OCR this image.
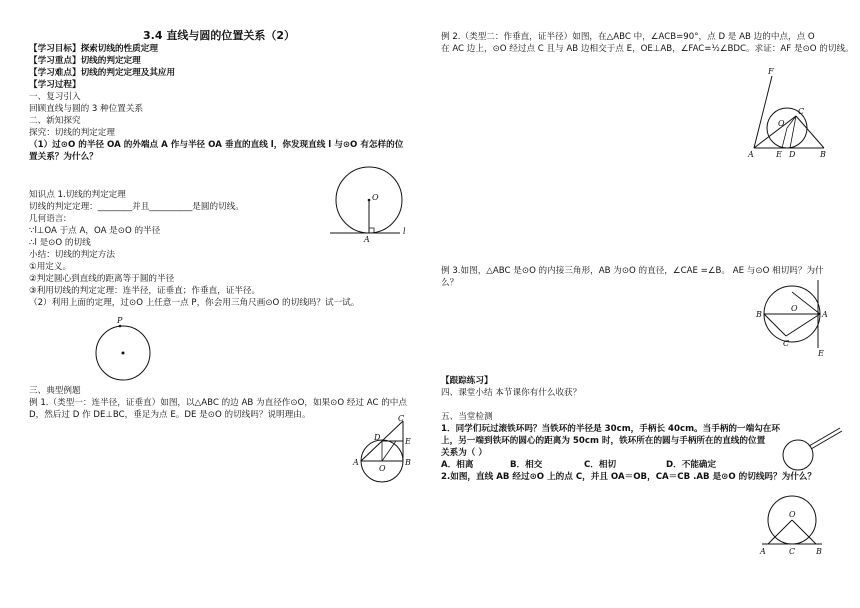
3.4 直线与圆的位置关系（2）
【学习目标】探索切线的性质定理
【学习重点】切线的判定定理
【学习难点】切线的判定定理及其应用
【学习过程】
一、复习引入
回顾直线与圆的 3 种位置关系
二、新知探究
探究：切线的判定定理
（1）过⊙O 的半径 OA 的外端点 A 作与半径 OA 垂直的直线 l，你发现直线 l 与⊙O 有怎样的位
置关系？为什么？
知识点 1.切线的判定定理
切线的判定定理：________并且__________是圆的切线。
几何语言:
∵l⊥OA 于点 A，OA 是⊙O 的半径
∴l 是⊙O 的切线
小结：切线的判定方法
①用定义。
②判定圆心到直线的距离等于圆的半径
③利用切线的判定定理：连半径，证垂直；作垂直，证半径。
（2）利用上面的定理，过⊙O 上任意一点 P，你会用三角尺画⊙O 的切线吗？试一试。
三、典型例题
例 1.（类型一：连半径，证垂直）如图，以△ABC 的边 AB 为直径作⊙O，如果⊙O 经过 AC 的中点
D，然后过 D 作 DE⊥BC，垂足为点 E。DE 是⊙O 的切线吗？说明理由。
O
A
l
P
C
E
D
A
O
B
例 2.（类型二：作垂直，证半径）如图，在△ABC 中，∠ACB=90°，点 D 是 AB 边的中点，点 O
在 AC 边上，⊙O 经过点 C 且与 AB 边相交于点 E，OE⊥AB，∠FAC=½∠BDC。求证：AF 是⊙O 的切线。
F
C
O
A	E D	B
例 3.如图，△ABC 是⊙O 的内接三角形，AB 为⊙O 的直径，∠CAE =∠B。 AE 与⊙O 相切吗？为什
么？
B	A
O
C
E
【跟踪练习】
四、课堂小结 本节课你有什么收获？
五、当堂检测
1．同学们玩过滚铁环吗？当铁环的半径是 30cm，手柄长 40cm。当手柄的一端勾在环
上，另一端到铁环的圆心的距离为 50cm 时，铁环所在的圆与手柄所在的直线的位置
关系为（ ）
A．相离	B．相交	C．相切	D．不能确定
2.如图，直线 AB 经过⊙O 上的点 C，并且 OA＝OB，CA＝CB .AB 是⊙O 的切线吗？为什么？
O
A	C	B
